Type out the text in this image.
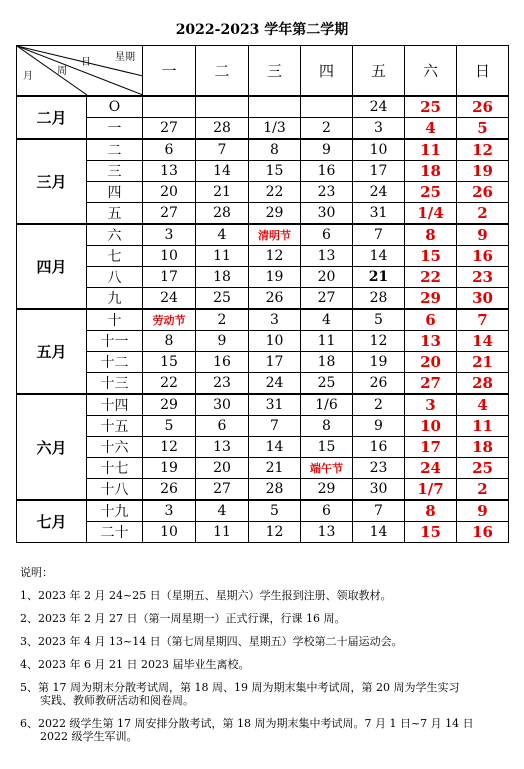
2022-2023 学年第二学期
星期
日
周
月		一	二	三	四	五	六	日
二月	O					24	25	26
	一	27	28	1/3	2	3	4	5
三月	二	6	7	8	9	10	11	12
	三	13	14	15	16	17	18	19
	四	20	21	22	23	24	25	26
	五	27	28	29	30	31	1/4	2
四月	六	3	4	清明节	6	7	8	9
	七	10	11	12	13	14	15	16
	八	17	18	19	20	21	22	23
	九	24	25	26	27	28	29	30
五月	十	劳动节	2	3	4	5	6	7
	十一	8	9	10	11	12	13	14
	十二	15	16	17	18	19	20	21
	十三	22	23	24	25	26	27	28
六月	十四	29	30	31	1/6	2	3	4
	十五	5	6	7	8	9	10	11
	十六	12	13	14	15	16	17	18
	十七	19	20	21	端午节	23	24	25
	十八	26	27	28	29	30	1/7	2
七月	十九	3	4	5	6	7	8	9
	二十	10	11	12	13	14	15	16
说明：
1、2023 年 2 月 24~25 日（星期五、星期六）学生报到注册、领取教材。
2、2023 年 2 月 27 日（第一周星期一）正式行课，行课 16 周。
3、2023 年 4 月 13~14 日（第七周星期四、星期五）学校第二十届运动会。
4、2023 年 6 月 21 日 2023 届毕业生离校。
5、第 17 周为期末分散考试周，第 18 周、19 周为期末集中考试周，第 20 周为学生实习
实践、教师教研活动和阅卷周。
6、2022 级学生第 17 周安排分散考试，第 18 周为期末集中考试周。7 月 1 日~7 月 14 日
2022 级学生军训。
